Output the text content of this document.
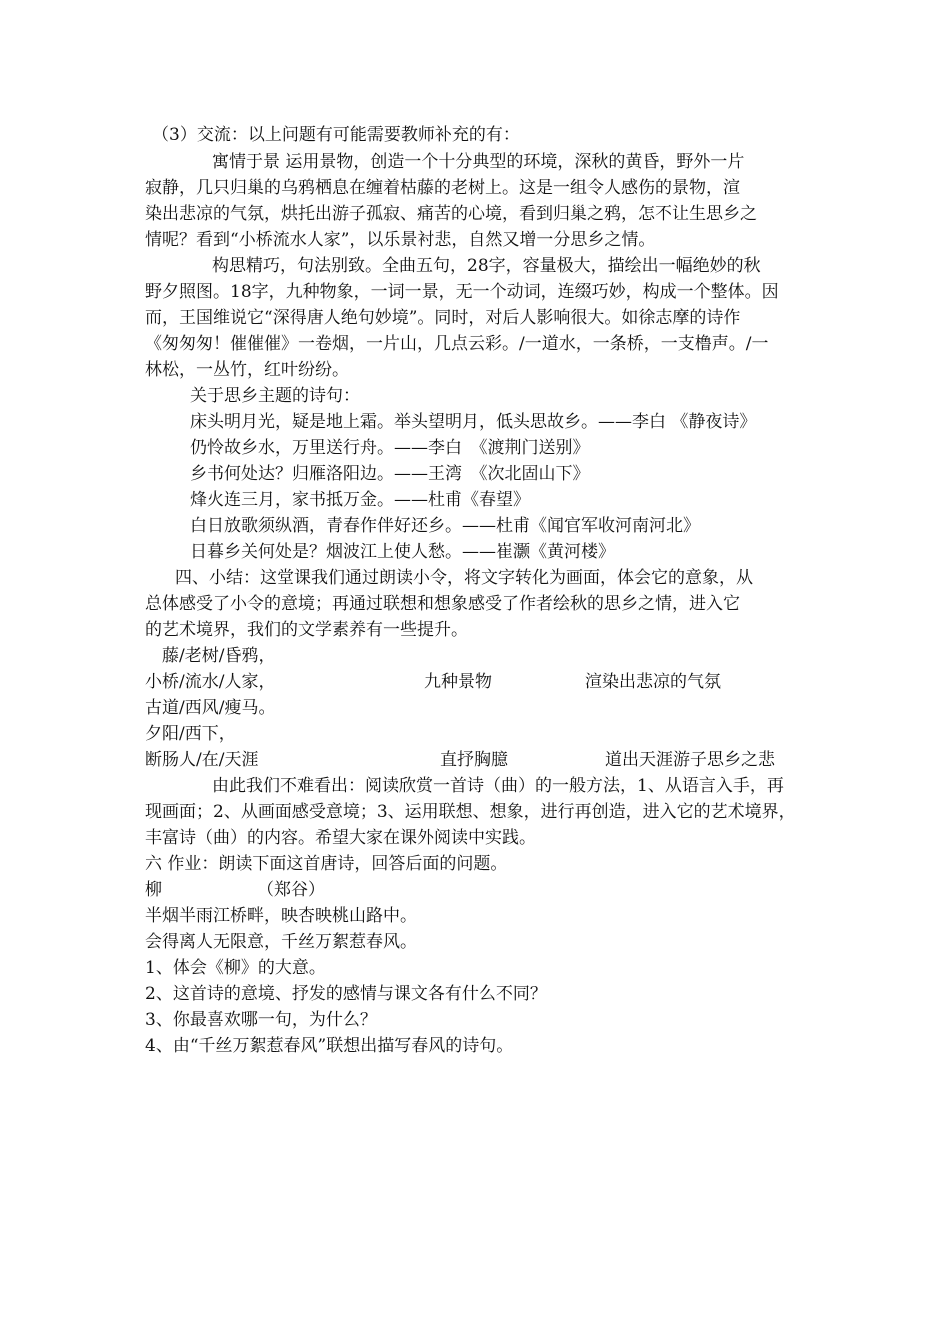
（3）交流：以上问题有可能需要教师补充的有：
寓情于景 运用景物，创造一个十分典型的环境，深秋的黄昏，野外一片
寂静，几只归巢的乌鸦栖息在缠着枯藤的老树上。这是一组令人感伤的景物，渲
染出悲凉的气氛，烘托出游子孤寂、痛苦的心境，看到归巢之鸦，怎不让生思乡之
情呢？看到“小桥流水人家”，以乐景衬悲，自然又增一分思乡之情。
构思精巧，句法别致。全曲五句，28字，容量极大，描绘出一幅绝妙的秋
野夕照图。18字，九种物象，一词一景，无一个动词，连缀巧妙，构成一个整体。因
而，王国维说它“深得唐人绝句妙境”。同时，对后人影响很大。如徐志摩的诗作
《匆匆匆！催催催》一卷烟，一片山，几点云彩。/一道水，一条桥，一支橹声。/一
林松，一丛竹，红叶纷纷。
关于思乡主题的诗句：
床头明月光，疑是地上霜。举头望明月，低头思故乡。——李白 《静夜诗》
仍怜故乡水，万里送行舟。——李白　《渡荆门送别》
乡书何处达？归雁洛阳边。——王湾　《次北固山下》
烽火连三月，家书抵万金。——杜甫《春望》
白日放歌须纵酒，青春作伴好还乡。——杜甫《闻官军收河南河北》
日暮乡关何处是？烟波江上使人愁。——崔灏《黄河楼》
四、小结：这堂课我们通过朗读小令，将文字转化为画面，体会它的意象，从
总体感受了小令的意境；再通过联想和想象感受了作者绘秋的思乡之情，进入它
的艺术境界，我们的文学素养有一些提升。
藤/老树/昏鸦，
小桥/流水/人家，	九种景物	渲染出悲凉的气氛
古道/西风/瘦马。
夕阳/西下，
断肠人/在/天涯	直抒胸臆	道出天涯游子思乡之悲
由此我们不难看出：阅读欣赏一首诗（曲）的一般方法，1、从语言入手，再
现画面；2、从画面感受意境；3、运用联想、想象，进行再创造，进入它的艺术境界，
丰富诗（曲）的内容。希望大家在课外阅读中实践。
六 作业：朗读下面这首唐诗，回答后面的问题。
柳	（郑谷）
半烟半雨江桥畔，映杏映桃山路中。
会得离人无限意，千丝万絮惹春风。
1、体会《柳》的大意。
2、这首诗的意境、抒发的感情与课文各有什么不同？
3、你最喜欢哪一句，为什么？
4、由“千丝万絮惹春风”联想出描写春风的诗句。
